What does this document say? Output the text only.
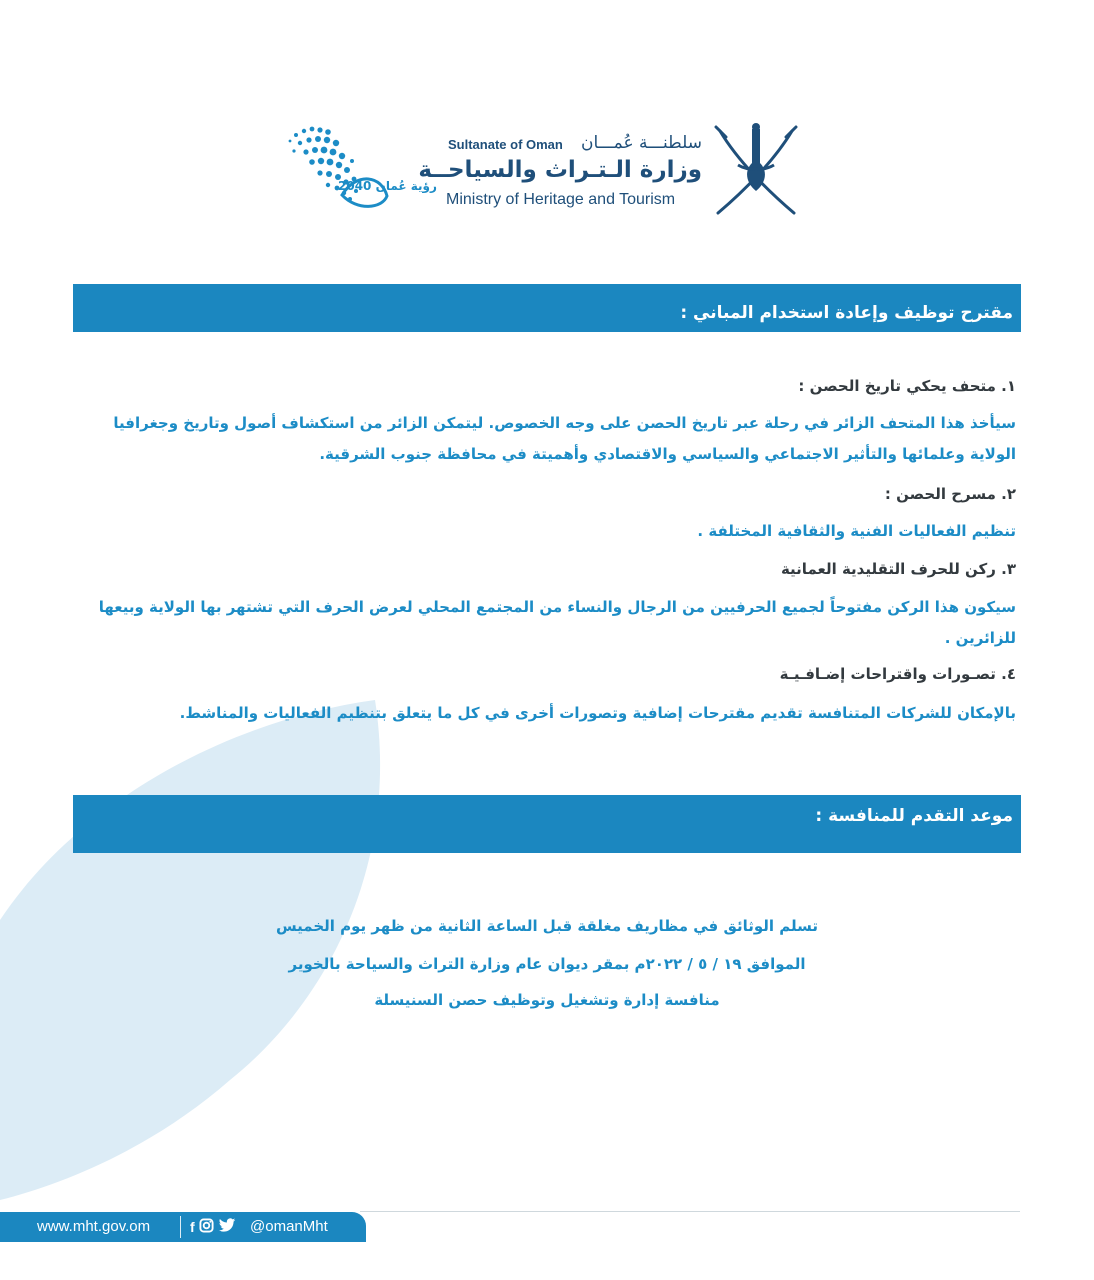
رؤية عُمان 2040
Sultanate of Oman سلطنـــة عُمـــان
وزارة الـتـراث والسياحــة
Ministry of Heritage and Tourism
مقترح توظيف وإعادة استخدام المباني :
١. متحف يحكي تاريخ الحصن :
سيأخذ هذا المتحف الزائر في رحلة عبر تاريخ الحصن على وجه الخصوص. ليتمكن الزائر من استكشاف أصول وتاريخ وجغرافيا الولاية وعلمائها والتأثير الاجتماعي والسياسي والاقتصادي وأهميتة في محافظة جنوب الشرقية.
٢. مسرح الحصن :
تنظيم الفعاليات الفنية والثقافية المختلفة .
٣. ركن للحرف التقليدية العمانية
سيكون هذا الركن مفتوحاً لجميع الحرفيين من الرجال والنساء من المجتمع المحلي لعرض الحرف التي تشتهر بها الولاية وبيعها للزائرين .
٤. تصـورات واقتراحات إضـافـيـة
بالإمكان للشركات المتنافسة تقديم مقترحات إضافية وتصورات أخرى في كل ما يتعلق بتنظيم الفعاليات والمناشط.
موعد التقدم للمنافسة :
تسلم الوثائق في مظاريف مغلقة قبل الساعة الثانية من ظهر يوم الخميس
الموافق ١٩ / ٥ / ٢٠٢٢م بمقر ديوان عام وزارة التراث والسياحة بالخوير
منافسة إدارة وتشغيل وتوظيف حصن السنيسلة
www.mht.gov.om	f	@omanMht
